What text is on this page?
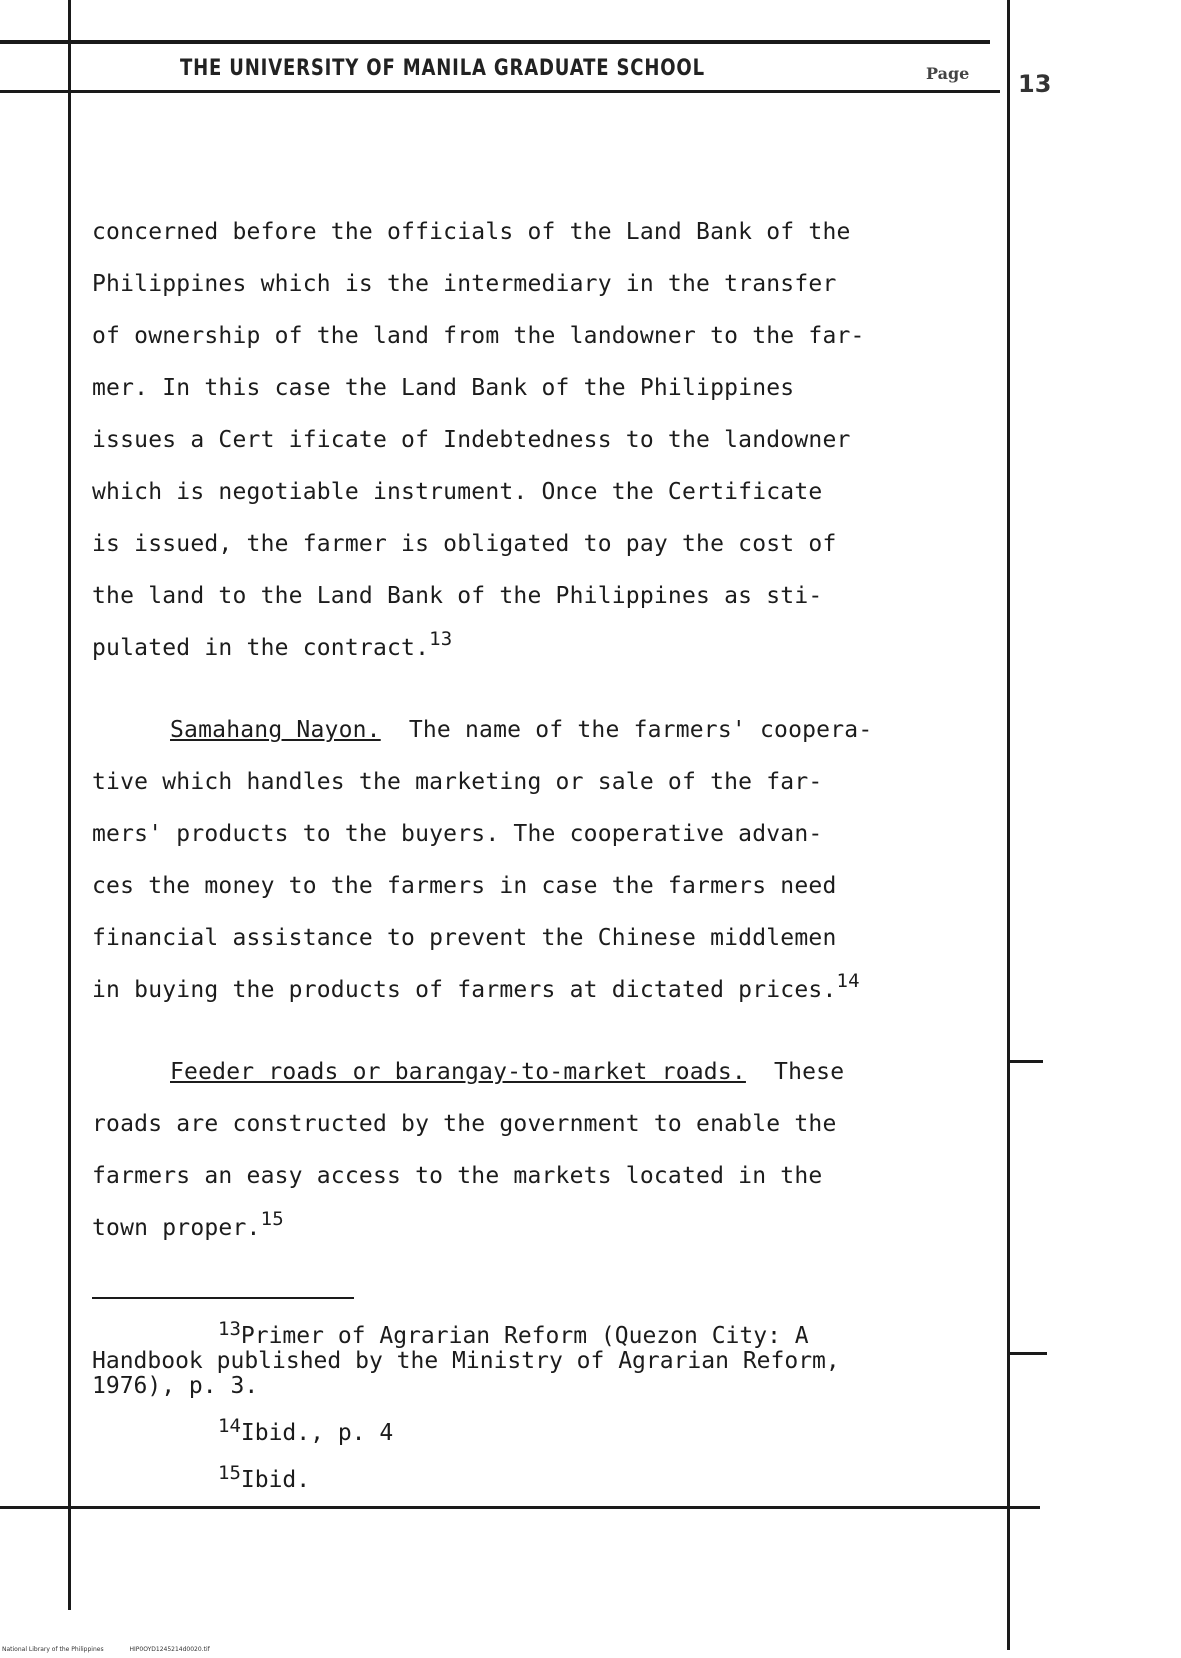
THE UNIVERSITY OF MANILA GRADUATE SCHOOL	Page 13
concerned before the officials of the Land Bank of the
Philippines which is the intermediary in the transfer
of ownership of the land from the landowner to the far-
mer. In this case the Land Bank of the Philippines
issues a Cert ificate of Indebtedness to the landowner
which is negotiable instrument. Once the Certificate
is issued, the farmer is obligated to pay the cost of
the land to the Land Bank of the Philippines as sti-
pulated in the contract.$^{13}$
Samahang Nayon.  The name of the farmers' coopera-
tive which handles the marketing or sale of the far-
mers' products to the buyers. The cooperative advan-
ces the money to the farmers in case the farmers need
financial assistance to prevent the Chinese middlemen
in buying the products of farmers at dictated prices.$^{14}$
Feeder roads or barangay-to-market roads.  These
roads are constructed by the government to enable the
farmers an easy access to the markets located in the
town proper.$^{15}$
$^{13}$Primer of Agrarian Reform (Quezon City: A
Handbook published by the Ministry of Agrarian Reform,
1976), p. 3.
$^{14}$Ibid., p. 4
$^{15}$Ibid.
National Library of the Philippines	HIP0OYD1245214d0020.tif
